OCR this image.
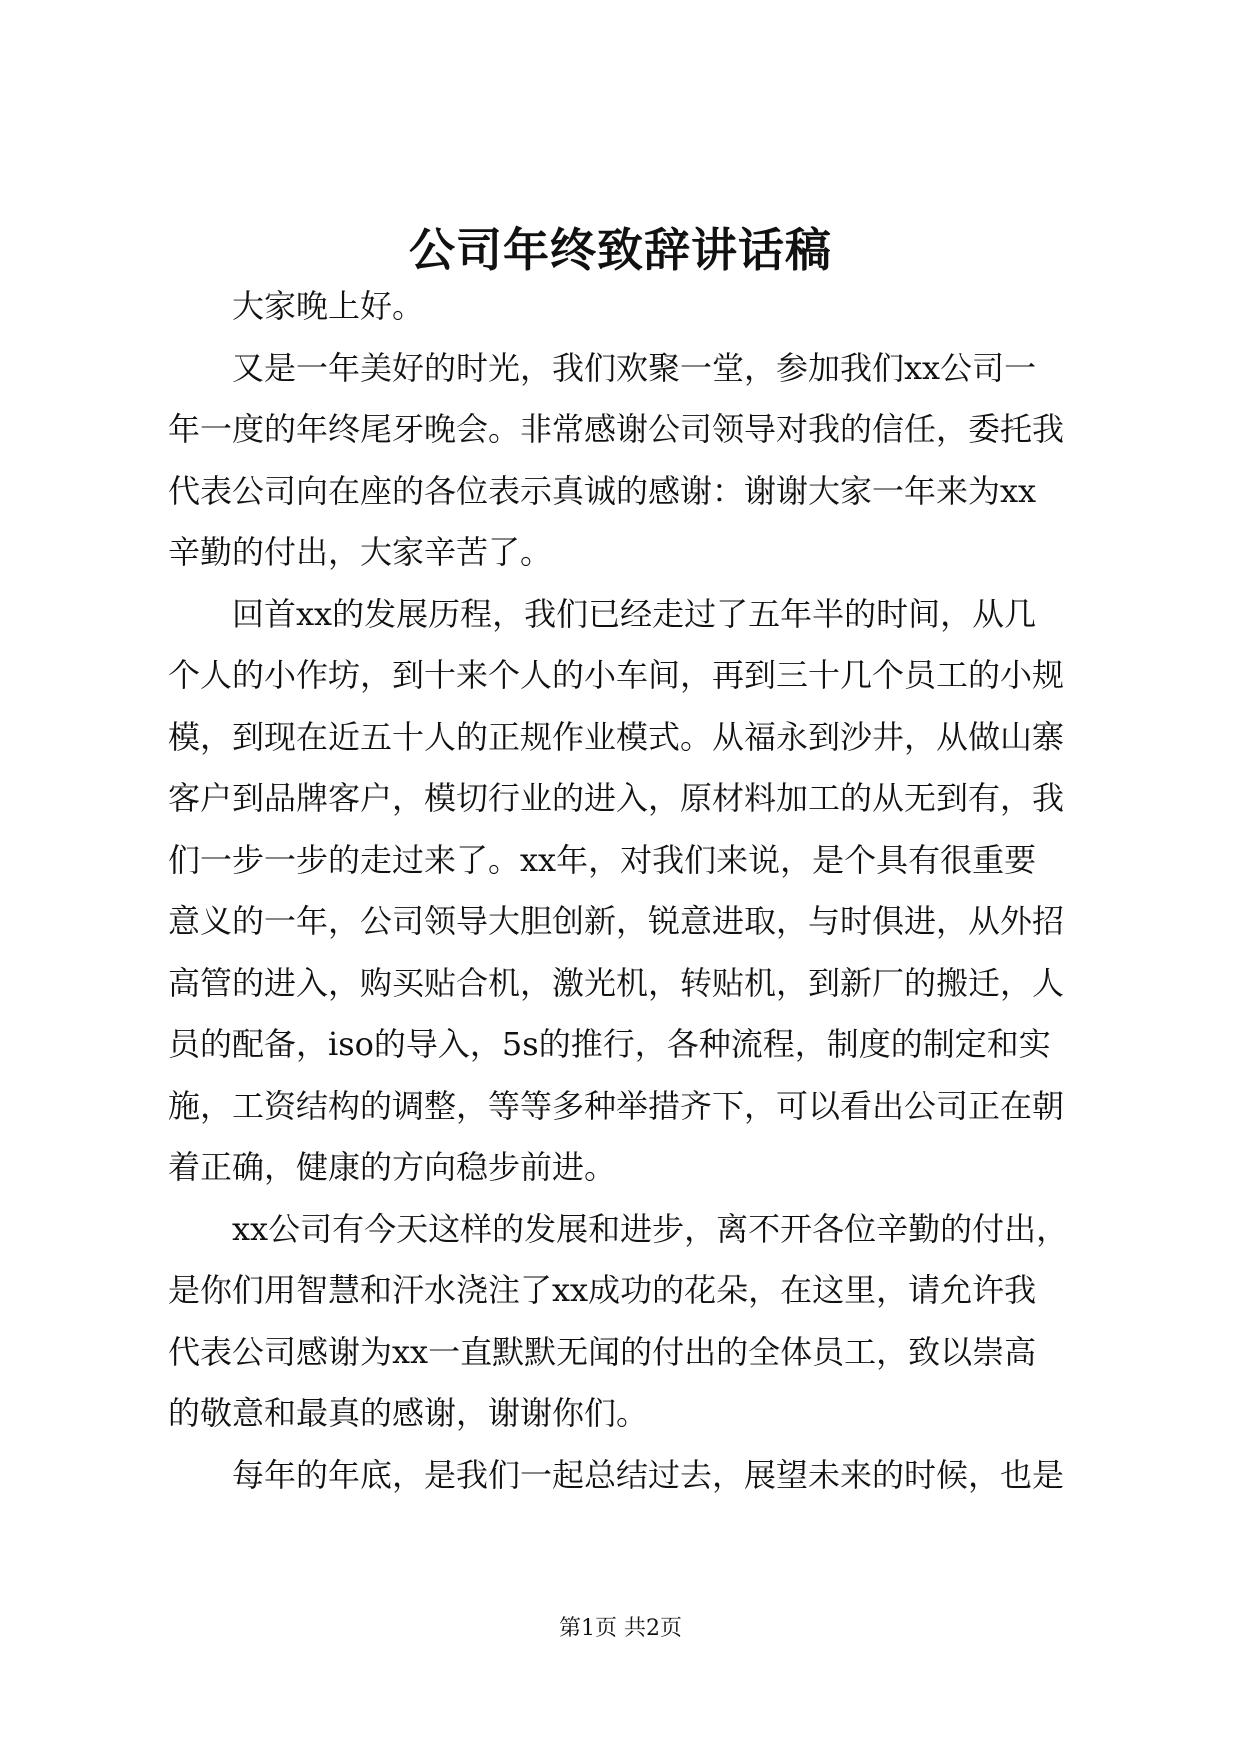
公司年终致辞讲话稿
大家晚上好。
又是一年美好的时光，我们欢聚一堂，参加我们xx公司一
年一度的年终尾牙晚会。非常感谢公司领导对我的信任，委托我
代表公司向在座的各位表示真诚的感谢：谢谢大家一年来为xx
辛勤的付出，大家辛苦了。
回首xx的发展历程，我们已经走过了五年半的时间，从几
个人的小作坊，到十来个人的小车间，再到三十几个员工的小规
模，到现在近五十人的正规作业模式。从福永到沙井，从做山寨
客户到品牌客户，模切行业的进入，原材料加工的从无到有，我
们一步一步的走过来了。xx年，对我们来说，是个具有很重要
意义的一年，公司领导大胆创新，锐意进取，与时俱进，从外招
高管的进入，购买贴合机，激光机，转贴机，到新厂的搬迁，人
员的配备，iso的导入，5s的推行，各种流程，制度的制定和实
施，工资结构的调整，等等多种举措齐下，可以看出公司正在朝
着正确，健康的方向稳步前进。
xx公司有今天这样的发展和进步，离不开各位辛勤的付出，
是你们用智慧和汗水浇注了xx成功的花朵，在这里，请允许我
代表公司感谢为xx一直默默无闻的付出的全体员工，致以崇高
的敬意和最真的感谢，谢谢你们。
每年的年底，是我们一起总结过去，展望未来的时候，也是
第1页 共2页
